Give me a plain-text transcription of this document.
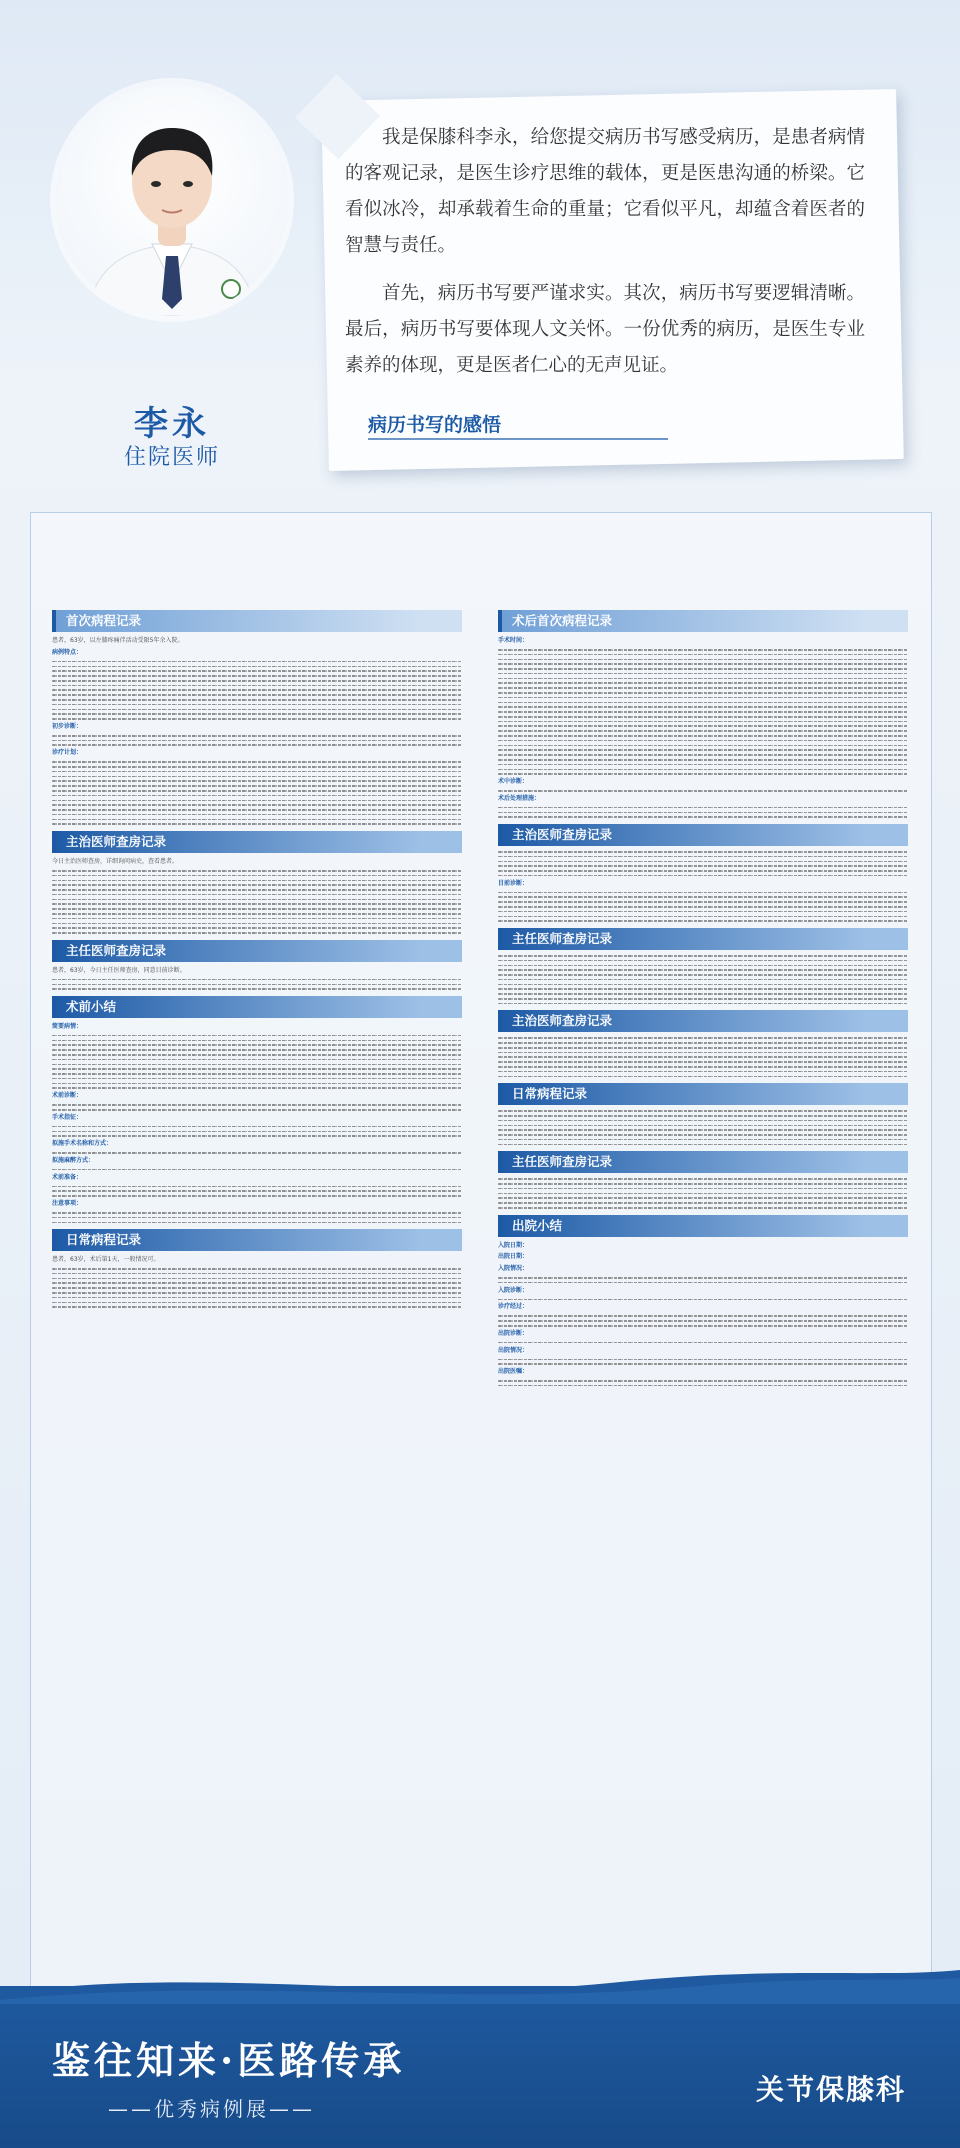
李永
住院医师

我是保膝科李永，给您提交病历书写感受病历，是患者病情的客观记录，是医生诊疗思维的载体，更是医患沟通的桥梁。它看似冰冷，却承载着生命的重量；它看似平凡，却蕴含着医者的智慧与责任。

首先，病历书写要严谨求实。其次，病历书写要逻辑清晰。最后，病历书写要体现人文关怀。一份优秀的病历，是医生专业素养的体现，更是医者仁心的无声见证。

病历书写的感悟
首次病程记录

患者，63岁，以左膝疼痛伴活动受限5年余入院。

病例特点：

初步诊断：

诊疗计划：

主治医师查房记录

今日主治医师查房，详细询问病史，查看患者。

主任医师查房记录

患者，63岁，今日主任医师查房，同意目前诊断。

术前小结

简要病情：

术前诊断：

手术指征：

拟施手术名称和方式：

拟施麻醉方式：

术前准备：

注意事项：

日常病程记录

患者，63岁，术后第1天，一般情况可。

术后首次病程记录

手术时间：

术中诊断：

术后处理措施：

主治医师查房记录

目前诊断：

主任医师查房记录
主治医师查房记录
日常病程记录
主任医师查房记录
出院小结

入院日期：

出院日期：

入院情况：

入院诊断：

诊疗经过：

出院诊断：

出院情况：

出院医嘱：

鉴往知来·医路传承
——优秀病例展——
关节保膝科
